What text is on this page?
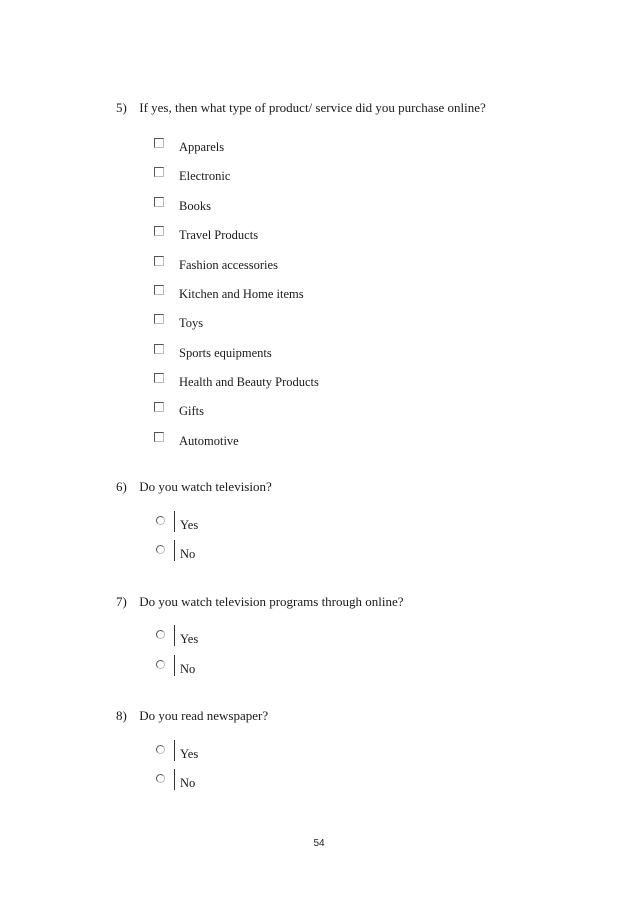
5) If yes, then what type of product/ service did you purchase online?
Apparels
Electronic
Books
Travel Products
Fashion accessories
Kitchen and Home items
Toys
Sports equipments
Health and Beauty Products
Gifts
Automotive
6) Do you watch television?
Yes
No
7) Do you watch television programs through online?
Yes
No
8) Do you read newspaper?
Yes
No
54
